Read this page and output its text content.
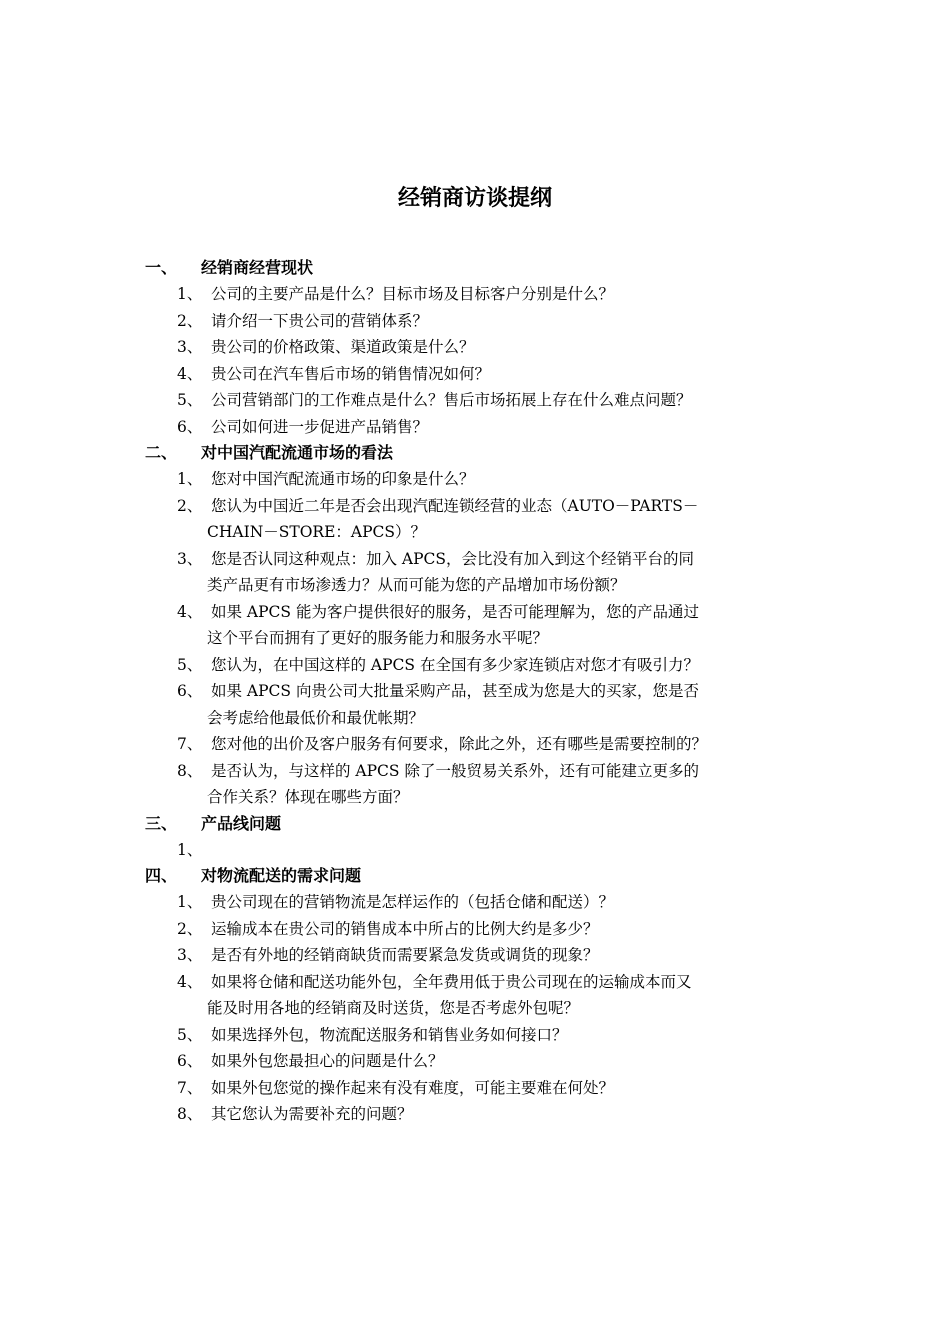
经销商访谈提纲
一、	经销商经营现状
1、 公司的主要产品是什么？目标市场及目标客户分别是什么？
2、 请介绍一下贵公司的营销体系？
3、 贵公司的价格政策、渠道政策是什么？
4、 贵公司在汽车售后市场的销售情况如何？
5、 公司营销部门的工作难点是什么？售后市场拓展上存在什么难点问题？
6、 公司如何进一步促进产品销售？
二、	对中国汽配流通市场的看法
1、 您对中国汽配流通市场的印象是什么？
2、 您认为中国近二年是否会出现汽配连锁经营的业态（AUTO－PARTS－
CHAIN－STORE：APCS）？
3、 您是否认同这种观点：加入 APCS，会比没有加入到这个经销平台的同
类产品更有市场渗透力？从而可能为您的产品增加市场份额？
4、 如果 APCS 能为客户提供很好的服务，是否可能理解为，您的产品通过
这个平台而拥有了更好的服务能力和服务水平呢？
5、 您认为，在中国这样的 APCS 在全国有多少家连锁店对您才有吸引力？
6、 如果 APCS 向贵公司大批量采购产品，甚至成为您是大的买家，您是否
会考虑给他最低价和最优帐期？
7、 您对他的出价及客户服务有何要求，除此之外，还有哪些是需要控制的？
8、 是否认为，与这样的 APCS 除了一般贸易关系外，还有可能建立更多的
合作关系？体现在哪些方面？
三、	产品线问题
1、

四、	对物流配送的需求问题
1、 贵公司现在的营销物流是怎样运作的（包括仓储和配送）？
2、 运输成本在贵公司的销售成本中所占的比例大约是多少？
3、 是否有外地的经销商缺货而需要紧急发货或调货的现象？
4、 如果将仓储和配送功能外包，全年费用低于贵公司现在的运输成本而又
能及时用各地的经销商及时送货，您是否考虑外包呢？
5、 如果选择外包，物流配送服务和销售业务如何接口？
6、 如果外包您最担心的问题是什么？
7、 如果外包您觉的操作起来有没有难度，可能主要难在何处？
8、 其它您认为需要补充的问题？
